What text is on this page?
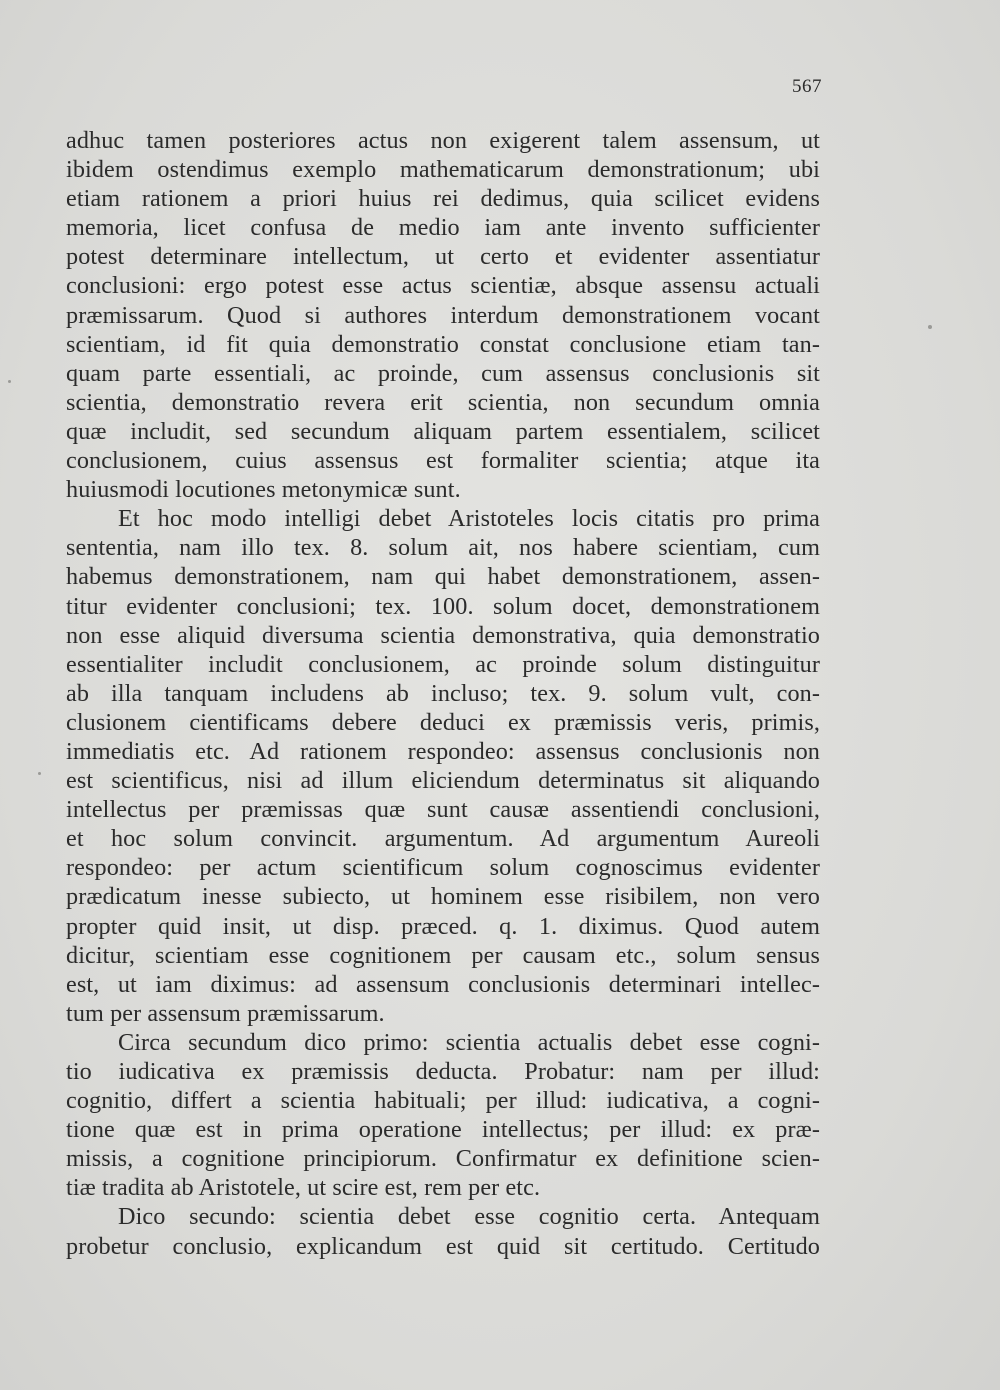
567
adhuc tamen posteriores actus non exigerent talem assensum, ut
ibidem ostendimus exemplo mathematicarum demonstrationum; ubi
etiam rationem a priori huius rei dedimus, quia scilicet evidens
memoria, licet confusa de medio iam ante invento sufficienter
potest determinare intellectum, ut certo et evidenter assentiatur
conclusioni: ergo potest esse actus scientiæ, absque assensu actuali
præmissarum. Quod si authores interdum demonstrationem vocant
scientiam, id fit quia demonstratio constat conclusione etiam tan-
quam parte essentiali, ac proinde, cum assensus conclusionis sit
scientia, demonstratio revera erit scientia, non secundum omnia
quæ includit, sed secundum aliquam partem essentialem, scilicet
conclusionem, cuius assensus est formaliter scientia; atque ita
huiusmodi locutiones metonymicæ sunt.
Et hoc modo intelligi debet Aristoteles locis citatis pro prima
sententia, nam illo tex. 8. solum ait, nos habere scientiam, cum
habemus demonstrationem, nam qui habet demonstrationem, assen-
titur evidenter conclusioni; tex. 100. solum docet, demonstrationem
non esse aliquid diversuma scientia demonstrativa, quia demonstratio
essentialiter includit conclusionem, ac proinde solum distinguitur
ab illa tanquam includens ab incluso; tex. 9. solum vult, con-
clusionem cientificams debere deduci ex præmissis veris, primis,
immediatis etc. Ad rationem respondeo: assensus conclusionis non
est scientificus, nisi ad illum eliciendum determinatus sit aliquando
intellectus per præmissas quæ sunt causæ assentiendi conclusioni,
et hoc solum convincit. argumentum. Ad argumentum Aureoli
respondeo: per actum scientificum solum cognoscimus evidenter
prædicatum inesse subiecto, ut hominem esse risibilem, non vero
propter quid insit, ut disp. præced. q. 1. diximus. Quod autem
dicitur, scientiam esse cognitionem per causam etc., solum sensus
est, ut iam diximus: ad assensum conclusionis determinari intellec-
tum per assensum præmissarum.
Circa secundum dico primo: scientia actualis debet esse cogni-
tio iudicativa ex præmissis deducta. Probatur: nam per illud:
cognitio, differt a scientia habituali; per illud: iudicativa, a cogni-
tione quæ est in prima operatione intellectus; per illud: ex præ-
missis, a cognitione principiorum. Confirmatur ex definitione scien-
tiæ tradita ab Aristotele, ut scire est, rem per etc.
Dico secundo: scientia debet esse cognitio certa. Antequam
probetur conclusio, explicandum est quid sit certitudo. Certitudo
